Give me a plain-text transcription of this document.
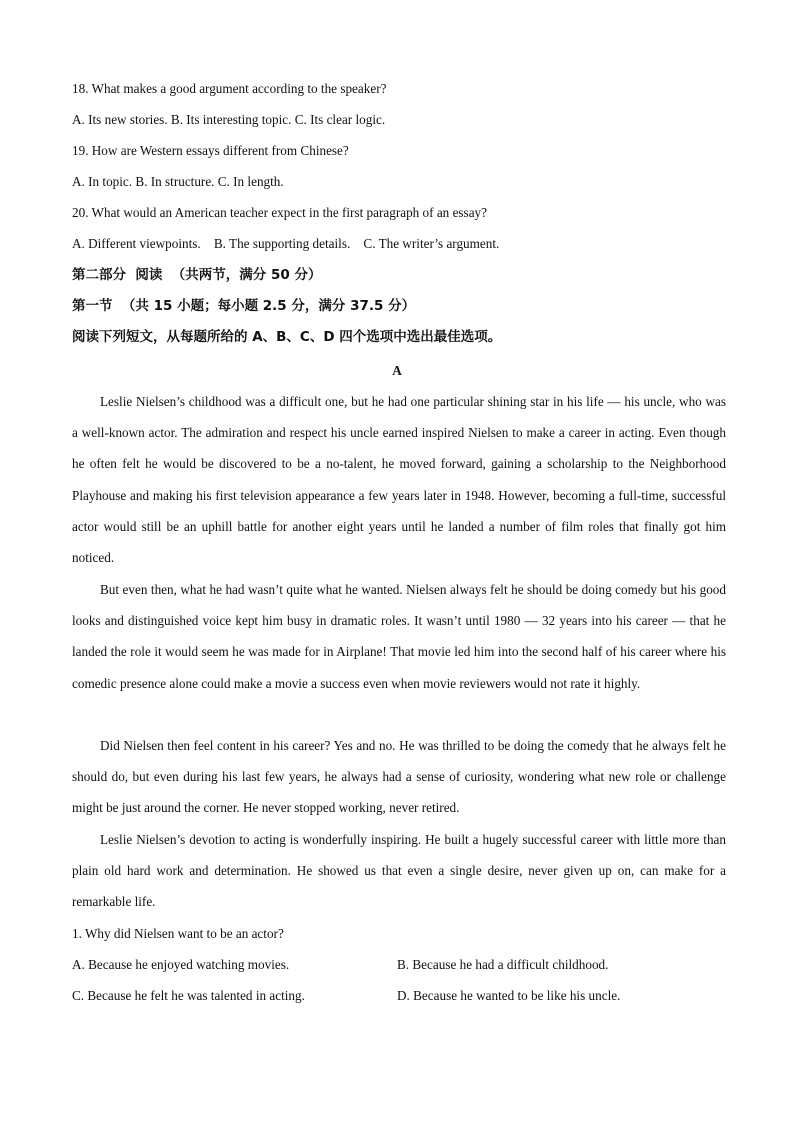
18. What makes a good argument according to the speaker?
A. Its new stories. B. Its interesting topic. C. Its clear logic.
19. How are Western essays different from Chinese?
A. In topic. B. In structure. C. In length.
20. What would an American teacher expect in the first paragraph of an essay?
A. Different viewpoints.    B. The supporting details.    C. The writer’s argument.
第二部分  阅读  （共两节，满分 50 分）
第一节  （共 15 小题；每小题 2.5 分，满分 37.5 分）
阅读下列短文，从每题所给的 A、B、C、D 四个选项中选出最佳选项。
A
Leslie Nielsen’s childhood was a difficult one, but he had one particular shining star in his life — his uncle, who was a well-known actor. The admiration and respect his uncle earned inspired Nielsen to make a career in acting. Even though he often felt he would be discovered to be a no-talent, he moved forward, gaining a scholarship to the Neighborhood Playhouse and making his first television appearance a few years later in 1948. However, becoming a full-time, successful actor would still be an uphill battle for another eight years until he landed a number of film roles that finally got him noticed.
But even then, what he had wasn’t quite what he wanted. Nielsen always felt he should be doing comedy but his good looks and distinguished voice kept him busy in dramatic roles. It wasn’t until 1980 — 32 years into his career — that he landed the role it would seem he was made for in Airplane! That movie led him into the second half of his career where his comedic presence alone could make a movie a success even when movie reviewers would not rate it highly.
Did Nielsen then feel content in his career? Yes and no. He was thrilled to be doing the comedy that he always felt he should do, but even during his last few years, he always had a sense of curiosity, wondering what new role or challenge might be just around the corner. He never stopped working, never retired.
Leslie Nielsen’s devotion to acting is wonderfully inspiring. He built a hugely successful career with little more than plain old hard work and determination. He showed us that even a single desire, never given up on, can make for a remarkable life.
1. Why did Nielsen want to be an actor?
A. Because he enjoyed watching movies.	B. Because he had a difficult childhood.
C. Because he felt he was talented in acting.	D. Because he wanted to be like his uncle.
